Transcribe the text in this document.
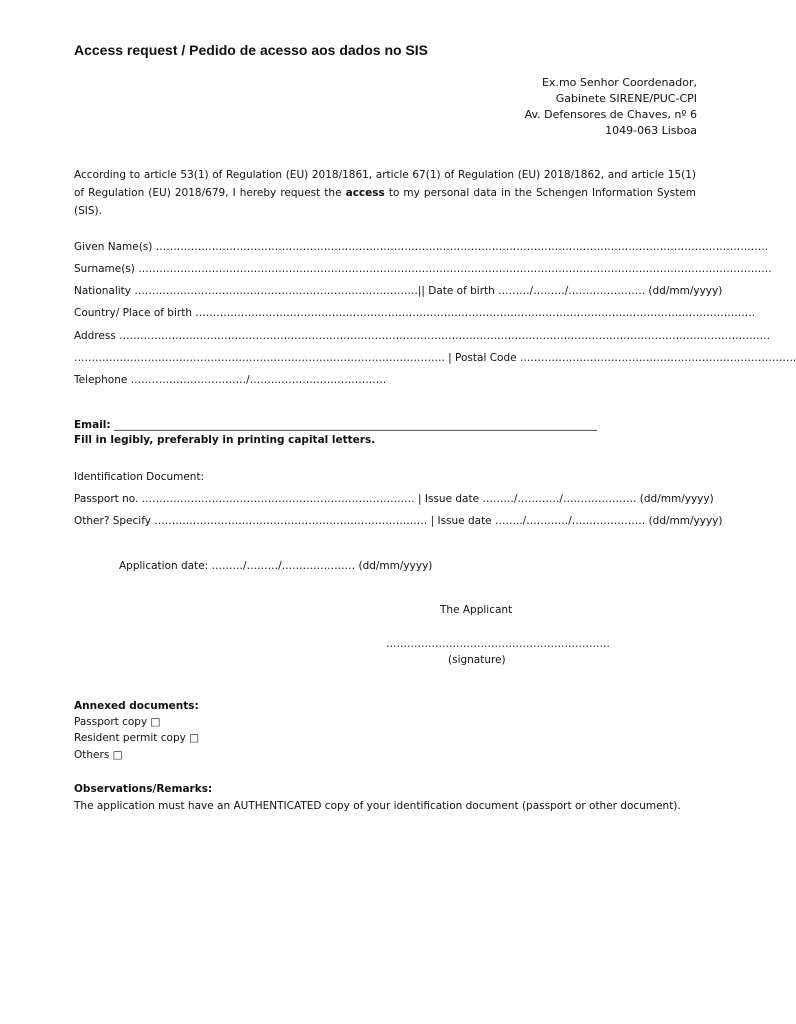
Access request / Pedido de acesso aos dados no SIS
Ex.mo Senhor Coordenador,
Gabinete SIRENE/PUC-CPI
Av. Defensores de Chaves, nº 6
1049-063 Lisboa
According to article 53(1) of Regulation (EU) 2018/1861, article 67(1) of Regulation (EU) 2018/1862, and article 15(1) of Regulation (EU) 2018/679, I hereby request the access to my personal data in the Schengen Information System (SIS).
Given Name(s) ………………………………………………………………………………………………………………………………………………………….
Surname(s) ……………………………………………………………………………………………………………………………………………………………….
Nationality ………………………………………………………………………|| Date of birth ………/………/…………………. (dd/mm/yyyy)
Country/ Place of birth …………………………………………………………………………………………………………………………………………….
Address ……………………………………………………………………………………………………………………………………………………………………
……………………………………………………………………………………………. | Postal Code …………………………………………………………………….
Telephone ……………………………/…………………………………
Email: ____________________________________________________________________________________________
Fill in legibly, preferably in printing capital letters.
Identification Document:
Passport no. …………………………………………………………………… | Issue date ………/…………/………………… (dd/mm/yyyy)
Other? Specify …………………………………………………………………… | Issue date ……../…………/………………… (dd/mm/yyyy)
Application date: ………/………/………………… (dd/mm/yyyy)
The Applicant
……………………………………………………….
(signature)
Annexed documents:
Passport copy □
Resident permit copy □
Others □
Observations/Remarks:
The application must have an AUTHENTICATED copy of your identification document (passport or other document).
